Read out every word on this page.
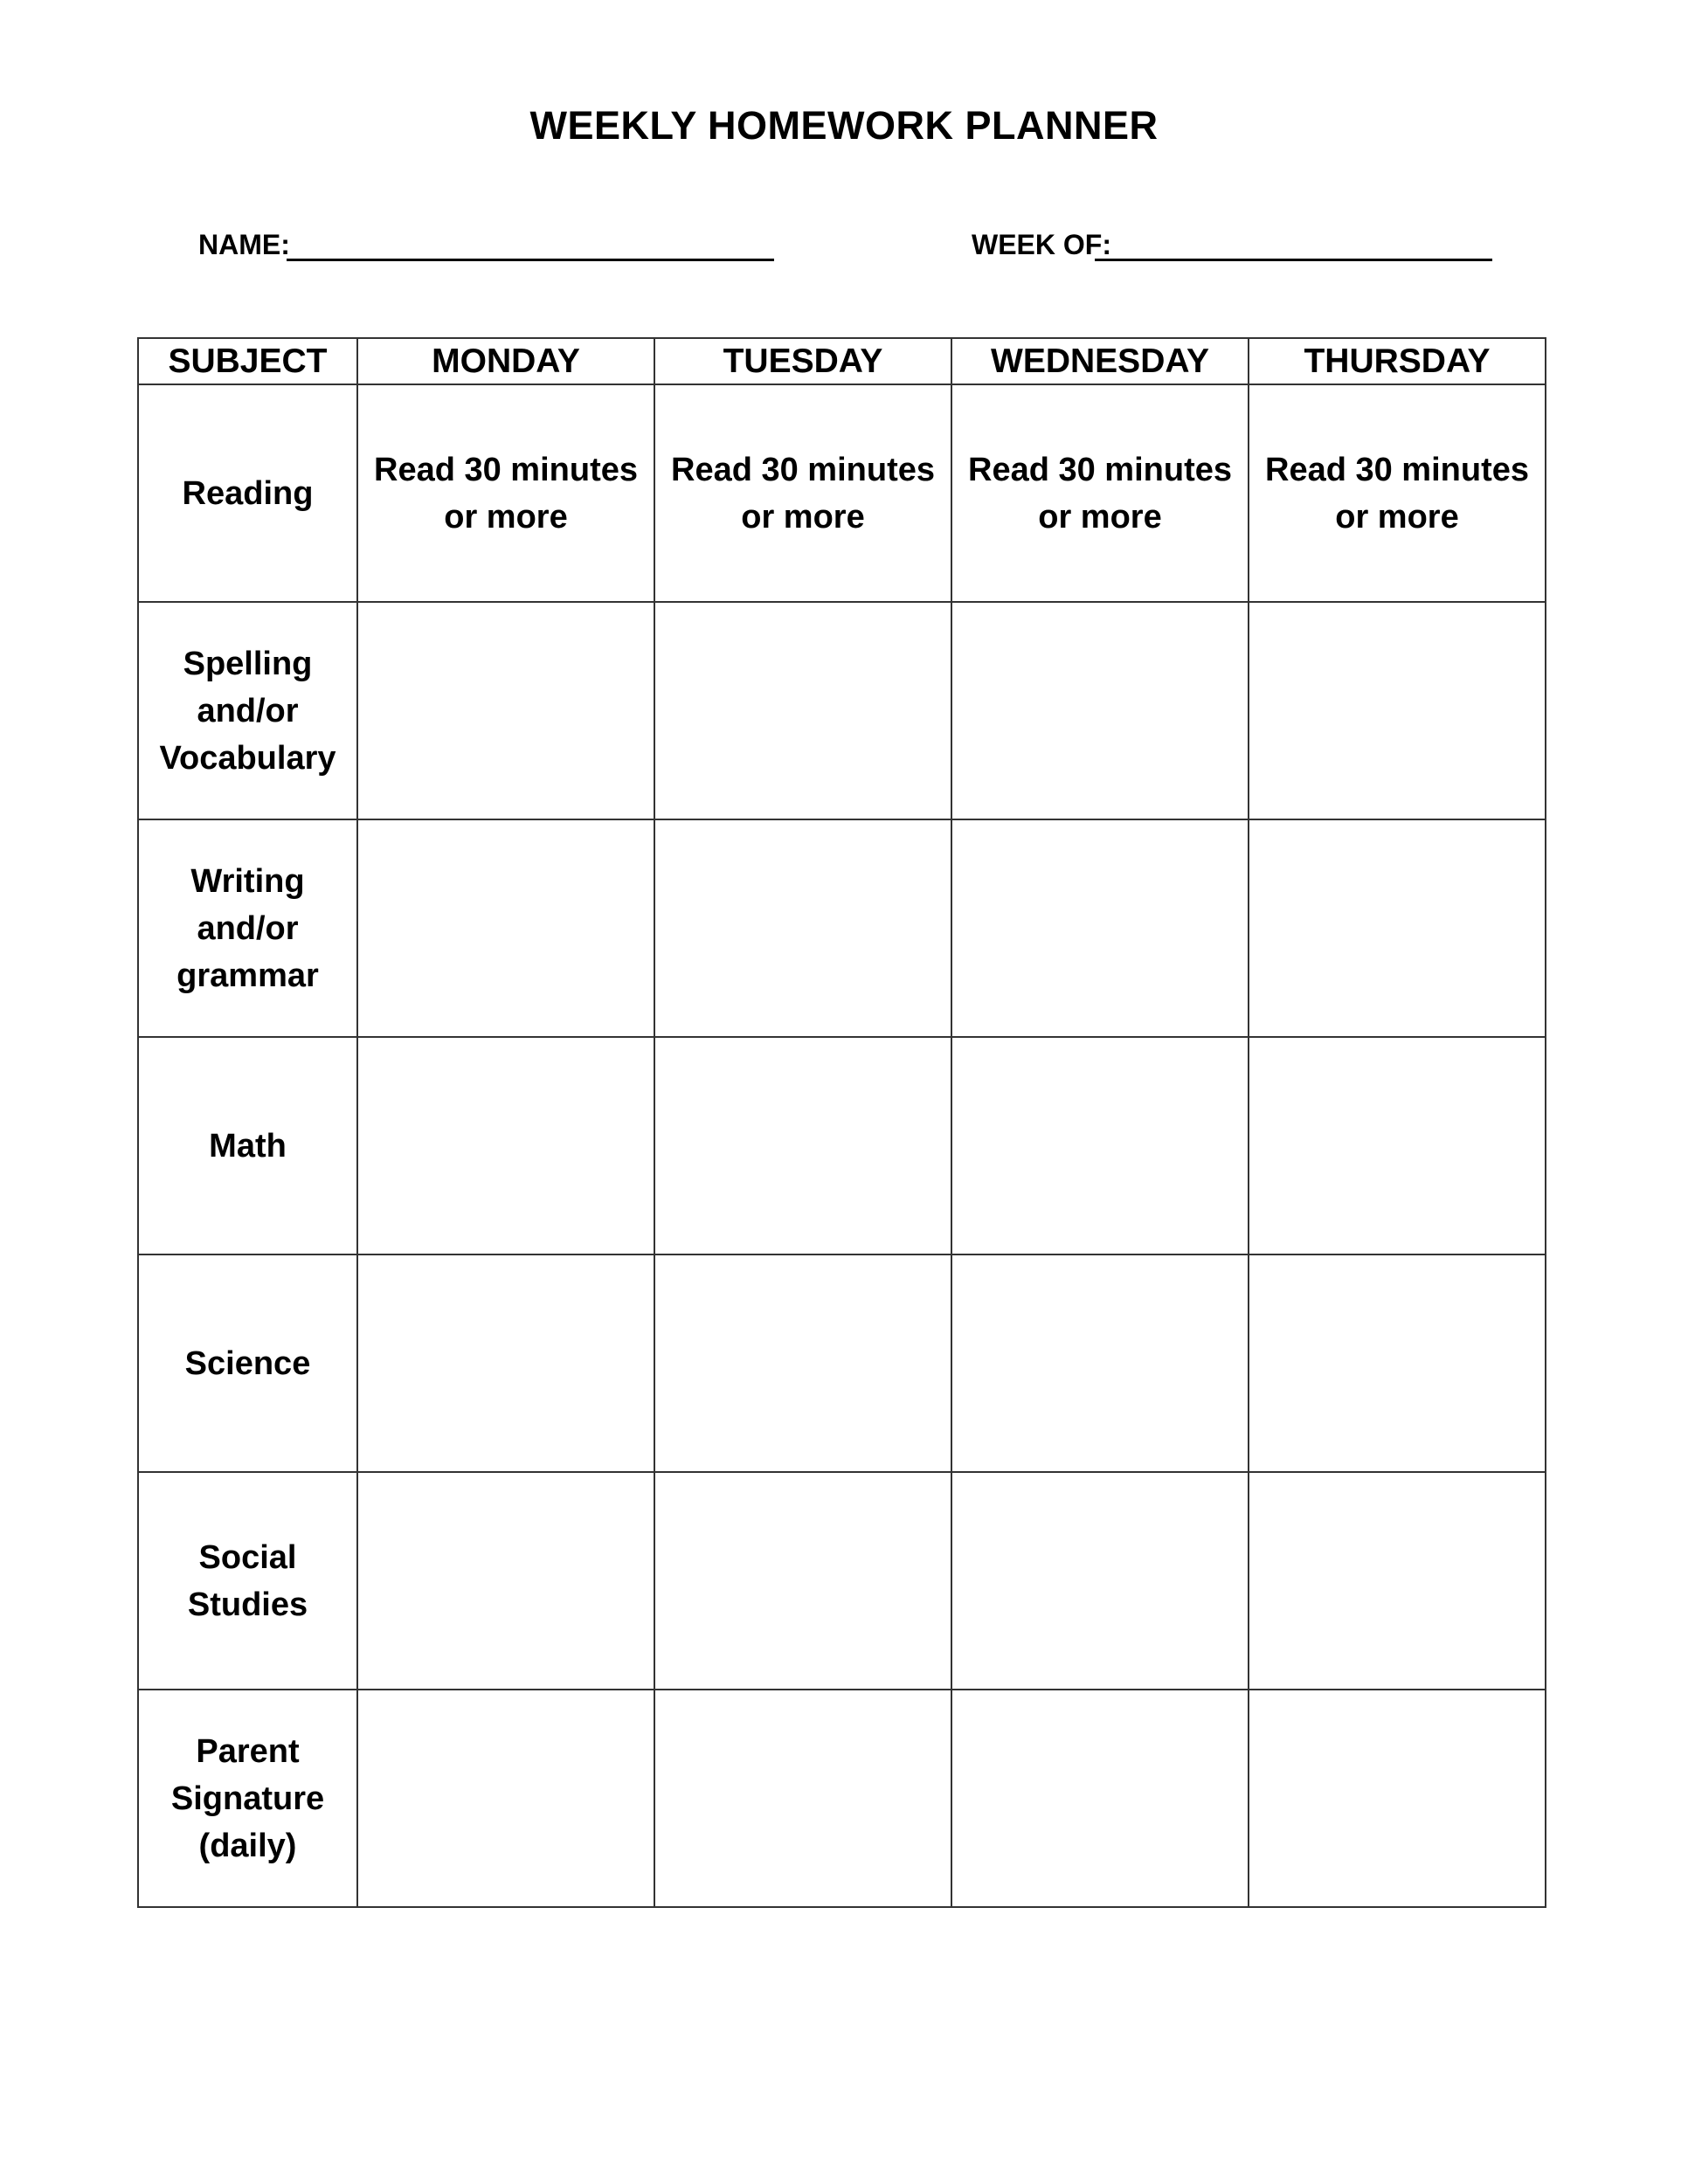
WEEKLY HOMEWORK PLANNER
NAME:	WEEK OF:
SUBJECT	MONDAY	TUESDAY	WEDNESDAY	THURSDAY
Reading	Read 30 minutes or more	Read 30 minutes or more	Read 30 minutes or more	Read 30 minutes or more
Spelling and/or Vocabulary				
Writing and/or grammar				
Math				
Science				
Social Studies				
Parent Signature (daily)				
